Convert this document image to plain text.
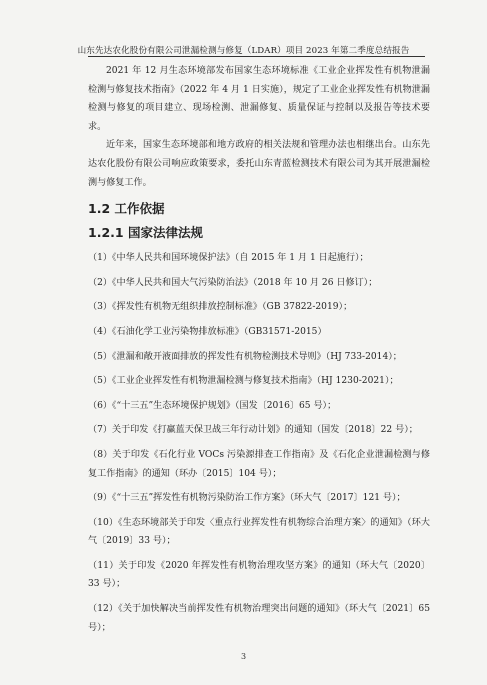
山东先达农化股份有限公司泄漏检测与修复（LDAR）项目 2023 年第二季度总结报告

2021 年 12 月生态环境部发布国家生态环境标准《工业企业挥发性有机物泄漏检测与修复技术指南》（2022 年 4 月 1 日实施），规定了工业企业挥发性有机物泄漏检测与修复的项目建立、现场检测、泄漏修复、质量保证与控制以及报告等技术要求。

近年来，国家生态环境部和地方政府的相关法规和管理办法也相继出台。山东先达农化股份有限公司响应政策要求，委托山东青蓝检测技术有限公司为其开展泄漏检测与修复工作。

1.2 工作依据

1.2.1 国家法律法规

（1）《中华人民共和国环境保护法》（自 2015 年 1 月 1 日起施行）；

（2）《中华人民共和国大气污染防治法》（2018 年 10 月 26 日修订）；

（3）《挥发性有机物无组织排放控制标准》（GB 37822-2019）；

（4）《石油化学工业污染物排放标准》（GB31571-2015）

（5）《泄漏和敞开液面排放的挥发性有机物检测技术导则》（HJ 733-2014）；

（5）《工业企业挥发性有机物泄漏检测与修复技术指南》（HJ 1230-2021）；

（6）《“十三五”生态环境保护规划》（国发〔2016〕65 号）；

（7）关于印发《打赢蓝天保卫战三年行动计划》的通知（国发〔2018〕22 号）；

（8）关于印发《石化行业 VOCs 污染源排查工作指南》及《石化企业泄漏检测与修复工作指南》的通知（环办〔2015〕104 号）；

（9）《“十三五”挥发性有机物污染防治工作方案》（环大气〔2017〕121 号）；

（10）《生态环境部关于印发〈重点行业挥发性有机物综合治理方案〉的通知》（环大气〔2019〕33 号）；

（11）关于印发《2020 年挥发性有机物治理攻坚方案》的通知（环大气〔2020〕33 号）；

（12）《关于加快解决当前挥发性有机物治理突出问题的通知》（环大气〔2021〕65 号）；

3
